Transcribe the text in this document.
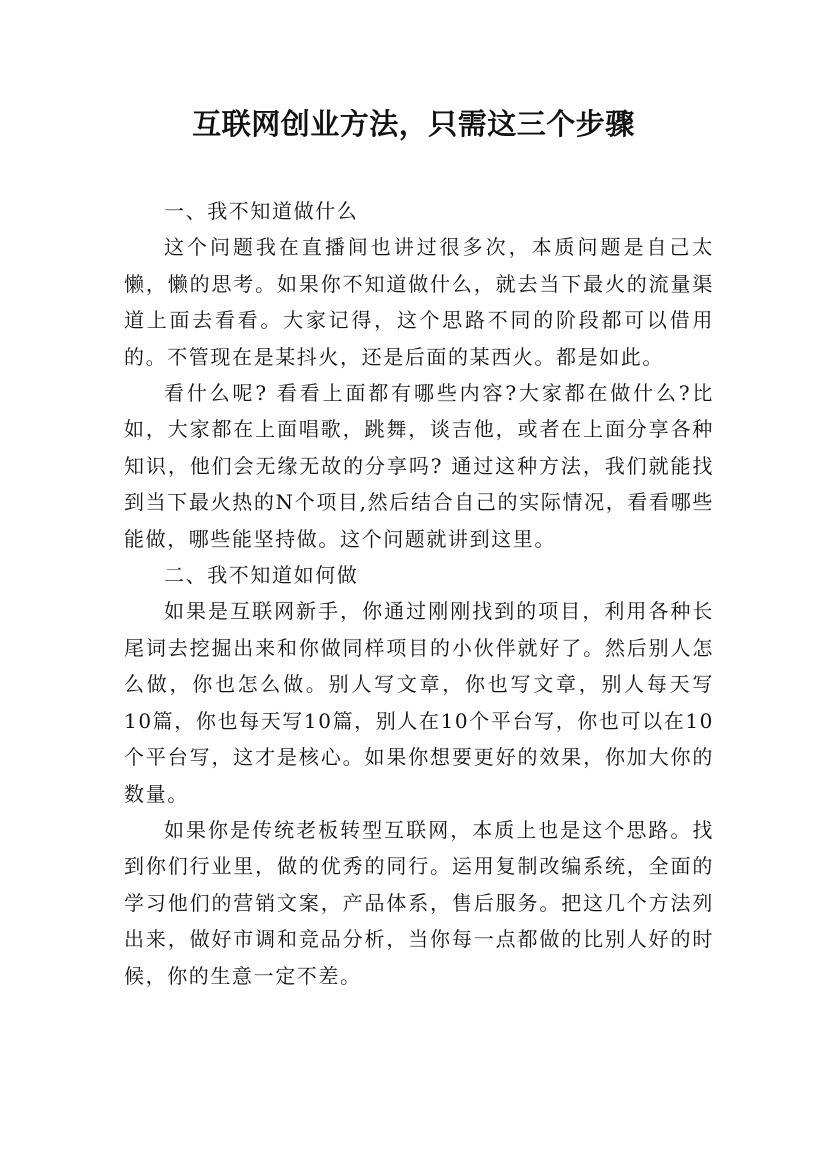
互联网创业方法，只需这三个步骤

一、我不知道做什么

这个问题我在直播间也讲过很多次，本质问题是自己太懒，懒的思考。如果你不知道做什么，就去当下最火的流量渠道上面去看看。大家记得，这个思路不同的阶段都可以借用的。不管现在是某抖火，还是后面的某西火。都是如此。

看什么呢? 看看上面都有哪些内容?大家都在做什么?比如，大家都在上面唱歌，跳舞，谈吉他，或者在上面分享各种知识，他们会无缘无故的分享吗? 通过这种方法，我们就能找到当下最火热的N个项目,然后结合自己的实际情况，看看哪些能做，哪些能坚持做。这个问题就讲到这里。

二、我不知道如何做

如果是互联网新手，你通过刚刚找到的项目，利用各种长尾词去挖掘出来和你做同样项目的小伙伴就好了。然后别人怎么做，你也怎么做。别人写文章，你也写文章，别人每天写10篇，你也每天写10篇，别人在10个平台写，你也可以在10个平台写，这才是核心。如果你想要更好的效果，你加大你的数量。

如果你是传统老板转型互联网，本质上也是这个思路。找到你们行业里，做的优秀的同行。运用复制改编系统，全面的学习他们的营销文案，产品体系，售后服务。把这几个方法列出来，做好市调和竞品分析，当你每一点都做的比别人好的时候，你的生意一定不差。
